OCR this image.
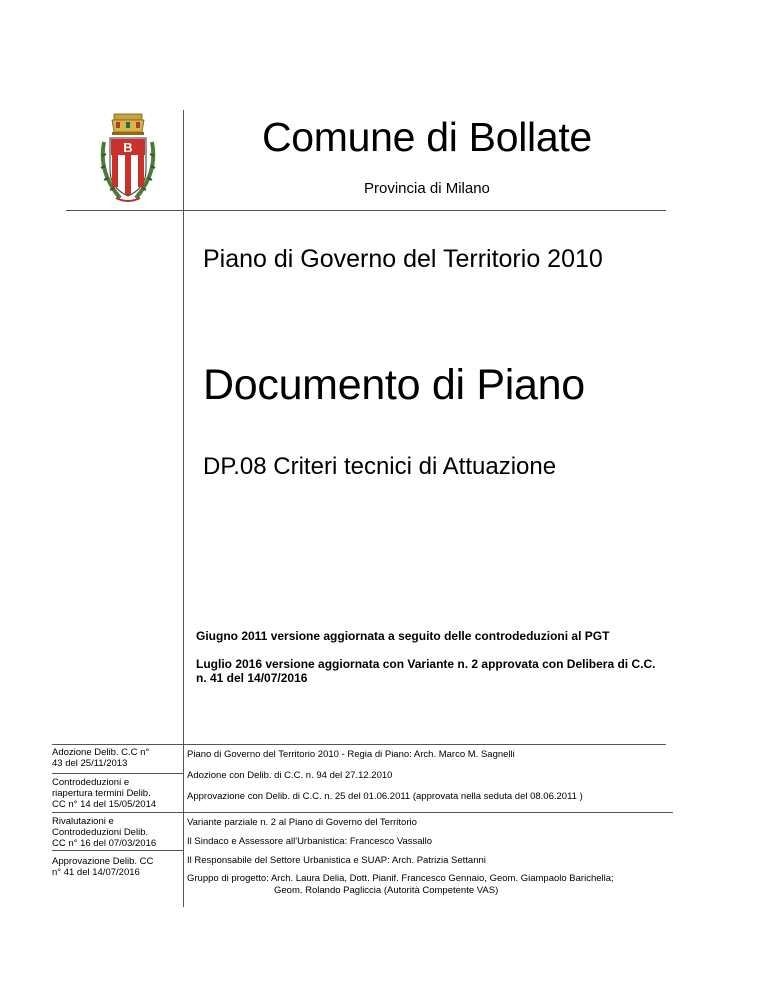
B	Comune di Bollate
Provincia di Milano
Piano di Governo del Territorio 2010
Documento di Piano
DP.08 Criteri tecnici di Attuazione
Giugno 2011 versione aggiornata a seguito delle controdeduzioni al PGT
Luglio 2016 versione aggiornata con Variante n. 2 approvata con Delibera di C.C.
n. 41 del 14/07/2016
Adozione Delib. C.C n°
43 del 25/11/2013
Controdeduzioni e
riapertura termini Delib.
CC n° 14 del 15/05/2014
Rivalutazioni e
Controdeduzioni Delib.
CC n° 16 del 07/03/2016
Approvazione Delib. CC
n° 41 del 14/07/2016
Piano di Governo del Territorio 2010 - Regia di Piano: Arch. Marco M. Sagnelli
Adozione con Delib. di C.C. n. 94 del 27.12.2010
Approvazione con Delib. di C.C. n. 25 del 01.06.2011 (approvata nella seduta del 08.06.2011 )
Variante parziale n. 2 al Piano di Governo del Territorio
Il Sindaco e Assessore all'Urbanistica: Francesco Vassallo
Il Responsabile del Settore Urbanistica e SUAP: Arch. Patrizia Settanni
Gruppo di progetto: Arch. Laura Delia, Dott. Pianif. Francesco Gennaio, Geom. Giampaolo Barichella;
Geom. Rolando Pagliccia (Autorità Competente VAS)
